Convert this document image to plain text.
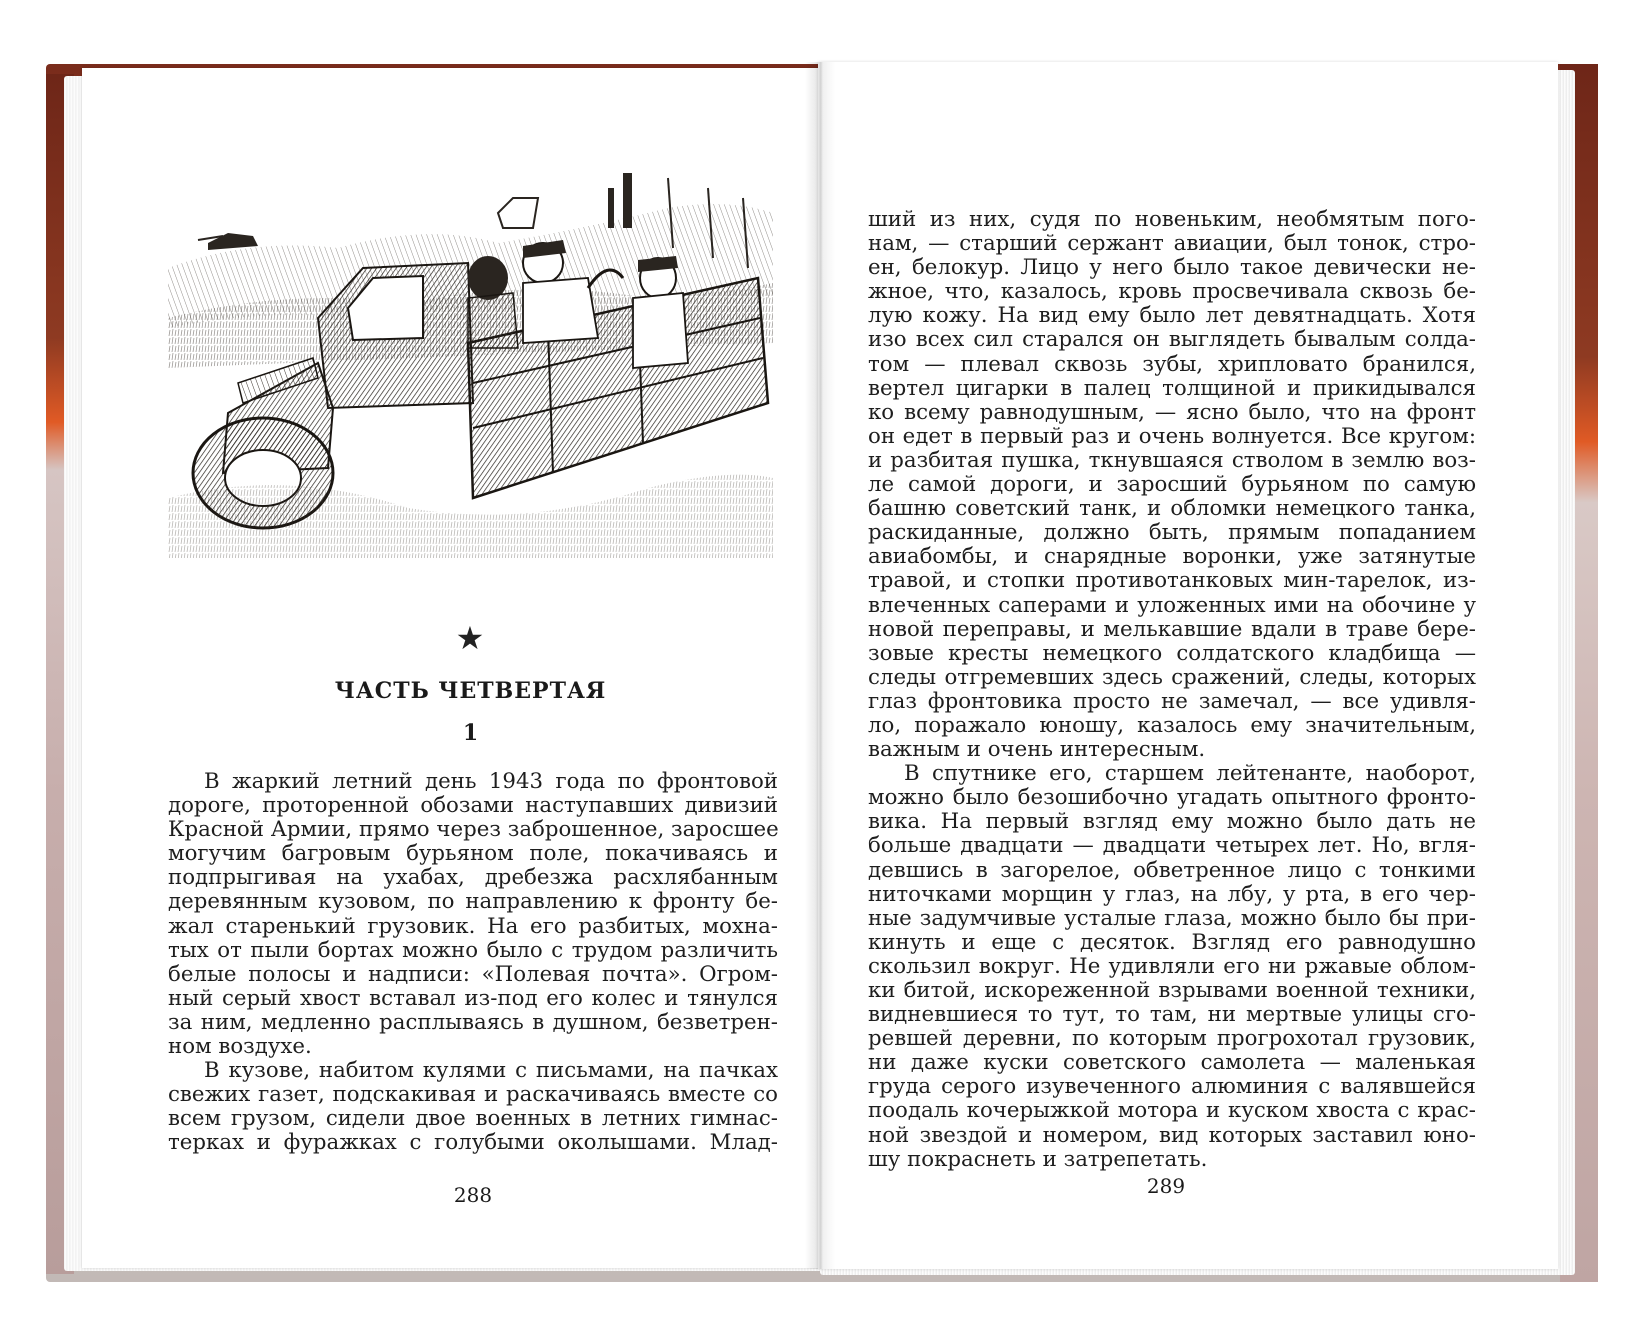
★
ЧАСТЬ ЧЕТВЕРТАЯ
1
В жаркий летний день 1943 года по фронтовой
дороге, проторенной обозами наступавших дивизий
Красной Армии, прямо через заброшенное, заросшее
могучим багровым бурьяном поле, покачиваясь и
подпрыгивая на ухабах, дребезжа расхлябанным
деревянным кузовом, по направлению к фронту бе-
жал старенький грузовик. На его разбитых, мохна-
тых от пыли бортах можно было с трудом различить
белые полосы и надписи: «Полевая почта». Огром-
ный серый хвост вставал из-под его колес и тянулся
за ним, медленно расплываясь в душном, безветрен-
ном воздухе.
В кузове, набитом кулями с письмами, на пачках
свежих газет, подскакивая и раскачиваясь вместе со
всем грузом, сидели двое военных в летних гимнас-
терках и фуражках с голубыми околышами. Млад-
288
ший из них, судя по новеньким, необмятым пого-
нам, — старший сержант авиации, был тонок, стро-
ен, белокур. Лицо у него было такое девически не-
жное, что, казалось, кровь просвечивала сквозь бе-
лую кожу. На вид ему было лет девятнадцать. Хотя
изо всех сил старался он выглядеть бывалым солда-
том — плевал сквозь зубы, хрипловато бранился,
вертел цигарки в палец толщиной и прикидывался
ко всему равнодушным, — ясно было, что на фронт
он едет в первый раз и очень волнуется. Все кругом:
и разбитая пушка, ткнувшаяся стволом в землю воз-
ле самой дороги, и заросший бурьяном по самую
башню советский танк, и обломки немецкого танка,
раскиданные, должно быть, прямым попаданием
авиабомбы, и снарядные воронки, уже затянутые
травой, и стопки противотанковых мин-тарелок, из-
влеченных саперами и уложенных ими на обочине у
новой переправы, и мелькавшие вдали в траве бере-
зовые кресты немецкого солдатского кладбища —
следы отгремевших здесь сражений, следы, которых
глаз фронтовика просто не замечал, — все удивля-
ло, поражало юношу, казалось ему значительным,
важным и очень интересным.
В спутнике его, старшем лейтенанте, наоборот,
можно было безошибочно угадать опытного фронто-
вика. На первый взгляд ему можно было дать не
больше двадцати — двадцати четырех лет. Но, вгля-
девшись в загорелое, обветренное лицо с тонкими
ниточками морщин у глаз, на лбу, у рта, в его чер-
ные задумчивые усталые глаза, можно было бы при-
кинуть и еще с десяток. Взгляд его равнодушно
скользил вокруг. Не удивляли его ни ржавые облом-
ки битой, искореженной взрывами военной техники,
видневшиеся то тут, то там, ни мертвые улицы сго-
ревшей деревни, по которым прогрохотал грузовик,
ни даже куски советского самолета — маленькая
груда серого изувеченного алюминия с валявшейся
поодаль кочерыжкой мотора и куском хвоста с крас-
ной звездой и номером, вид которых заставил юно-
шу покраснеть и затрепетать.
289
